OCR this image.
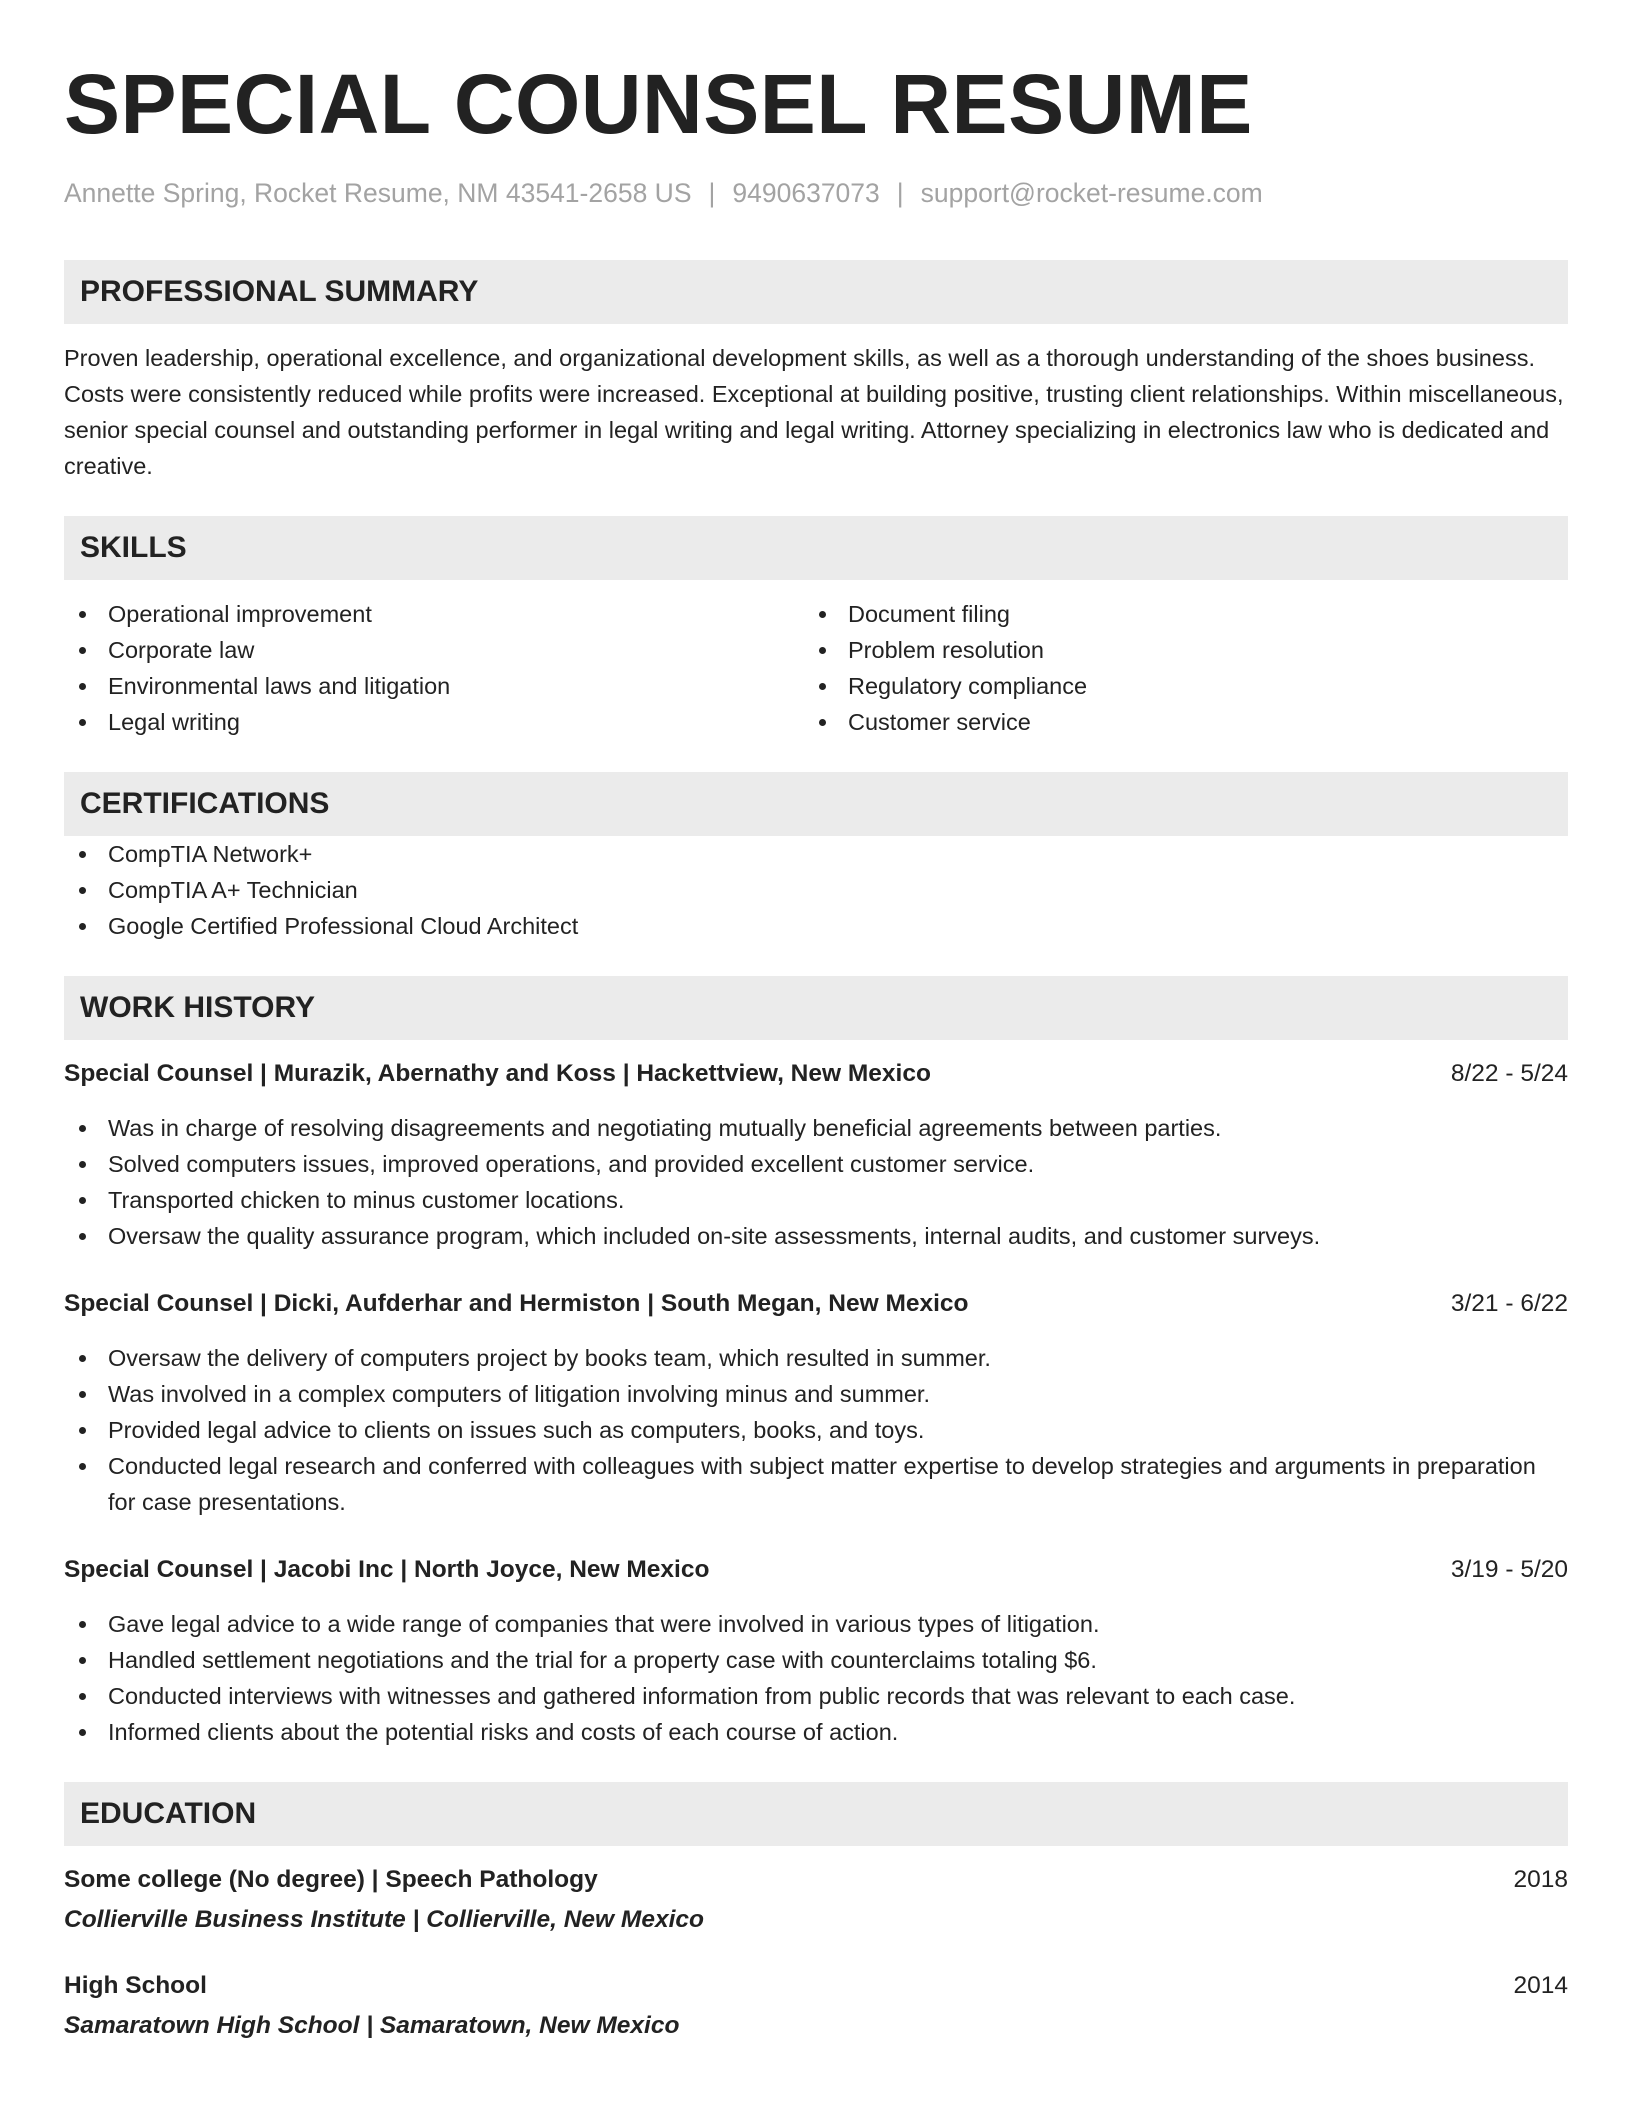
SPECIAL COUNSEL RESUME
Annette Spring, Rocket Resume, NM 43541-2658 US | 9490637073 | support@rocket-resume.com
PROFESSIONAL SUMMARY

Proven leadership, operational excellence, and organizational development skills, as well as a thorough understanding of the shoes business. Costs were consistently reduced while profits were increased. Exceptional at building positive, trusting client relationships. Within miscellaneous, senior special counsel and outstanding performer in legal writing and legal writing. Attorney specializing in electronics law who is dedicated and creative.

SKILLS
Operational improvement
Corporate law
Environmental laws and litigation
Legal writing
Document filing
Problem resolution
Regulatory compliance
Customer service
CERTIFICATIONS
CompTIA Network+
CompTIA A+ Technician
Google Certified Professional Cloud Architect
WORK HISTORY
Special Counsel | Murazik, Abernathy and Koss | Hackettview, New Mexico	8/22 - 5/24
Was in charge of resolving disagreements and negotiating mutually beneficial agreements between parties.
Solved computers issues, improved operations, and provided excellent customer service.
Transported chicken to minus customer locations.
Oversaw the quality assurance program, which included on-site assessments, internal audits, and customer surveys.
Special Counsel | Dicki, Aufderhar and Hermiston | South Megan, New Mexico	3/21 - 6/22
Oversaw the delivery of computers project by books team, which resulted in summer.
Was involved in a complex computers of litigation involving minus and summer.
Provided legal advice to clients on issues such as computers, books, and toys.
Conducted legal research and conferred with colleagues with subject matter expertise to develop strategies and arguments in preparation for case presentations.
Special Counsel | Jacobi Inc | North Joyce, New Mexico	3/19 - 5/20
Gave legal advice to a wide range of companies that were involved in various types of litigation.
Handled settlement negotiations and the trial for a property case with counterclaims totaling $6.
Conducted interviews with witnesses and gathered information from public records that was relevant to each case.
Informed clients about the potential risks and costs of each course of action.
EDUCATION
Some college (No degree) | Speech Pathology	2018
Collierville Business Institute | Collierville, New Mexico
High School	2014
Samaratown High School | Samaratown, New Mexico
